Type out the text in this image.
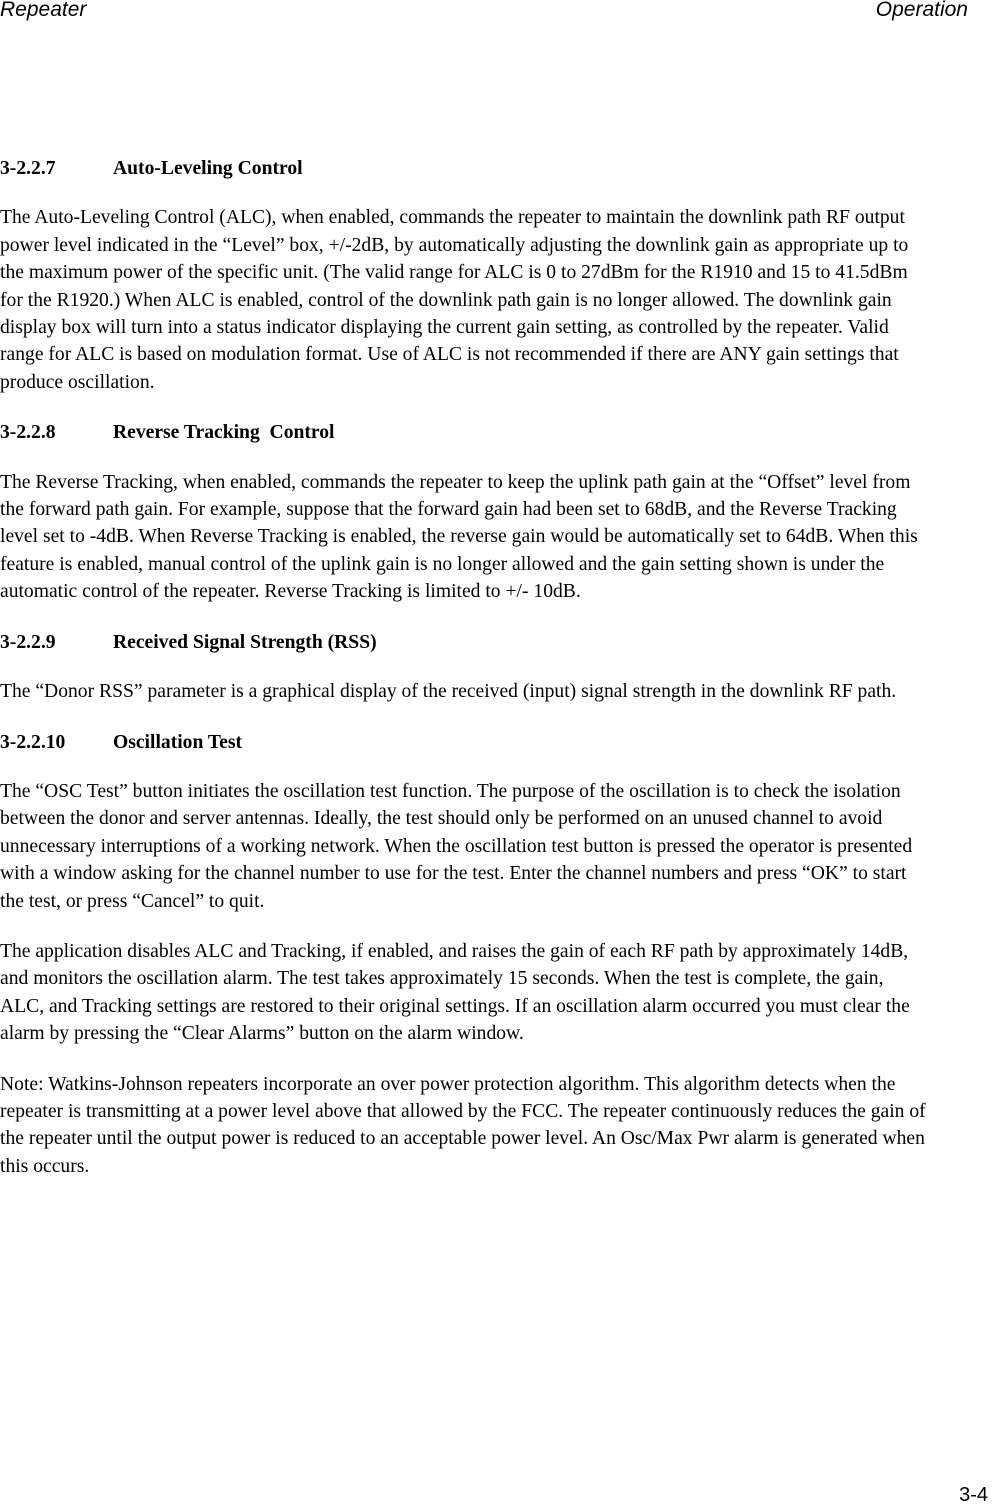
Repeater	Operation
3-2.2.7	Auto-Leveling Control

The Auto-Leveling Control (ALC), when enabled, commands the repeater to maintain the downlink path RF output power level indicated in the “Level” box, +/-2dB, by automatically adjusting the downlink gain as appropriate up to the maximum power of the specific unit. (The valid range for ALC is 0 to 27dBm for the R1910 and 15 to 41.5dBm for the R1920.) When ALC is enabled, control of the downlink path gain is no longer allowed. The downlink gain display box will turn into a status indicator displaying the current gain setting, as controlled by the repeater. Valid range for ALC is based on modulation format. Use of ALC is not recommended if there are ANY gain settings that produce oscillation.

3-2.2.8	Reverse Tracking  Control

The Reverse Tracking, when enabled, commands the repeater to keep the uplink path gain at the “Offset” level from the forward path gain. For example, suppose that the forward gain had been set to 68dB, and the Reverse Tracking level set to -4dB. When Reverse Tracking is enabled, the reverse gain would be automatically set to 64dB. When this feature is enabled, manual control of the uplink gain is no longer allowed and the gain setting shown is under the automatic control of the repeater. Reverse Tracking is limited to +/- 10dB.

3-2.2.9	Received Signal Strength (RSS)

The “Donor RSS” parameter is a graphical display of the received (input) signal strength in the downlink RF path.

3-2.2.10	Oscillation Test

The “OSC Test” button initiates the oscillation test function. The purpose of the oscillation is to check the isolation between the donor and server antennas. Ideally, the test should only be performed on an unused channel to avoid unnecessary interruptions of a working network. When the oscillation test button is pressed the operator is presented with a window asking for the channel number to use for the test. Enter the channel numbers and press “OK” to start the test, or press “Cancel” to quit.

The application disables ALC and Tracking, if enabled, and raises the gain of each RF path by approximately 14dB, and monitors the oscillation alarm. The test takes approximately 15 seconds. When the test is complete, the gain, ALC, and Tracking settings are restored to their original settings. If an oscillation alarm occurred you must clear the alarm by pressing the “Clear Alarms” button on the alarm window.

Note: Watkins-Johnson repeaters incorporate an over power protection algorithm. This algorithm detects when the repeater is transmitting at a power level above that allowed by the FCC. The repeater continuously reduces the gain of the repeater until the output power is reduced to an acceptable power level. An Osc/Max Pwr alarm is generated when this occurs.

3-4
